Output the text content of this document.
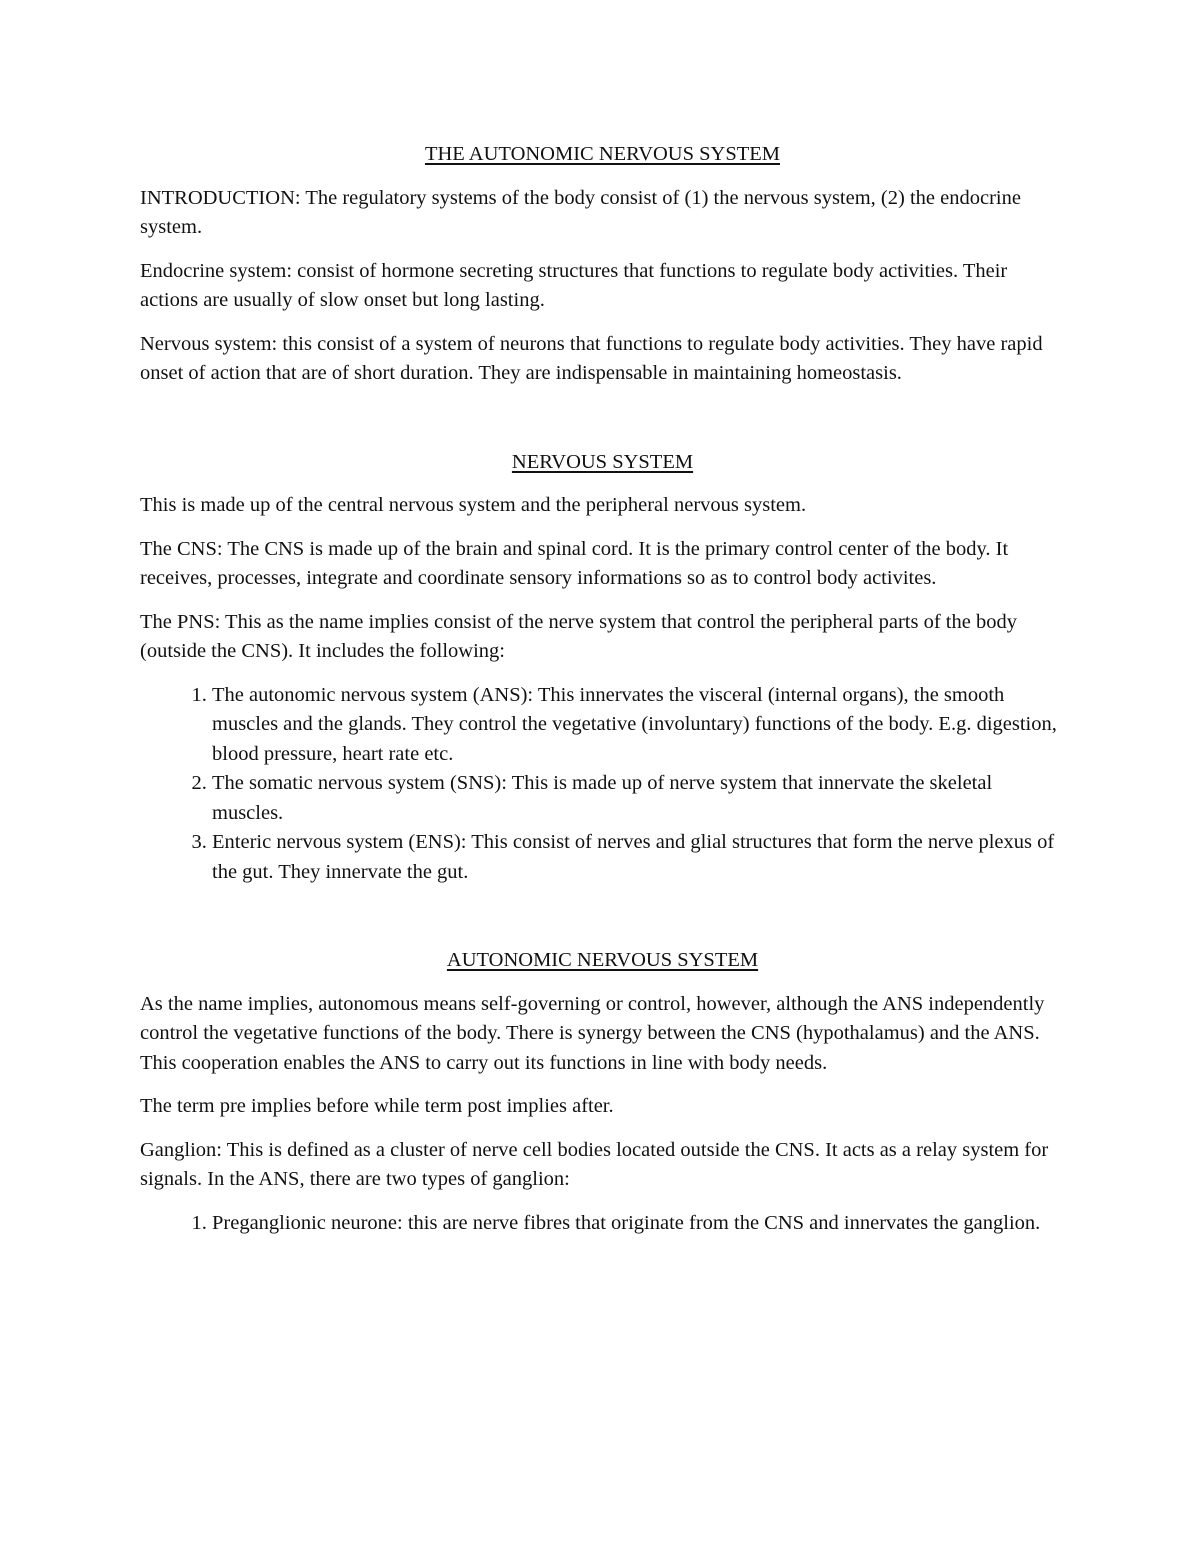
THE AUTONOMIC NERVOUS SYSTEM

INTRODUCTION: The regulatory systems of the body consist of (1) the nervous system, (2) the endocrine system.

Endocrine system: consist of hormone secreting structures that functions to regulate body activities. Their actions are usually of slow onset but long lasting.

Nervous system: this consist of a system of neurons that functions to regulate body activities. They have rapid onset of action that are of short duration. They are indispensable in maintaining homeostasis.

NERVOUS SYSTEM

This is made up of the central nervous system and the peripheral nervous system.

The CNS: The CNS is made up of the brain and spinal cord. It is the primary control center of the body. It receives, processes, integrate and coordinate sensory informations so as to control body activites.

The PNS: This as the name implies consist of the nerve system that control the peripheral parts of the body (outside the CNS). It includes the following:

1. The autonomic nervous system (ANS): This innervates the visceral (internal organs), the smooth muscles and the glands. They control the vegetative (involuntary) functions of the body. E.g. digestion, blood pressure, heart rate etc.
2. The somatic nervous system (SNS): This is made up of nerve system that innervate the skeletal muscles.
3. Enteric nervous system (ENS): This consist of nerves and glial structures that form the nerve plexus of the gut. They innervate the gut.
AUTONOMIC NERVOUS SYSTEM

As the name implies, autonomous means self-governing or control, however, although the ANS independently control the vegetative functions of the body. There is synergy between the CNS (hypothalamus) and the ANS. This cooperation enables the ANS to carry out its functions in line with body needs.

The term pre implies before while term post implies after.

Ganglion: This is defined as a cluster of nerve cell bodies located outside the CNS. It acts as a relay system for signals. In the ANS, there are two types of ganglion:

1. Preganglionic neurone: this are nerve fibres that originate from the CNS and innervates the ganglion.
